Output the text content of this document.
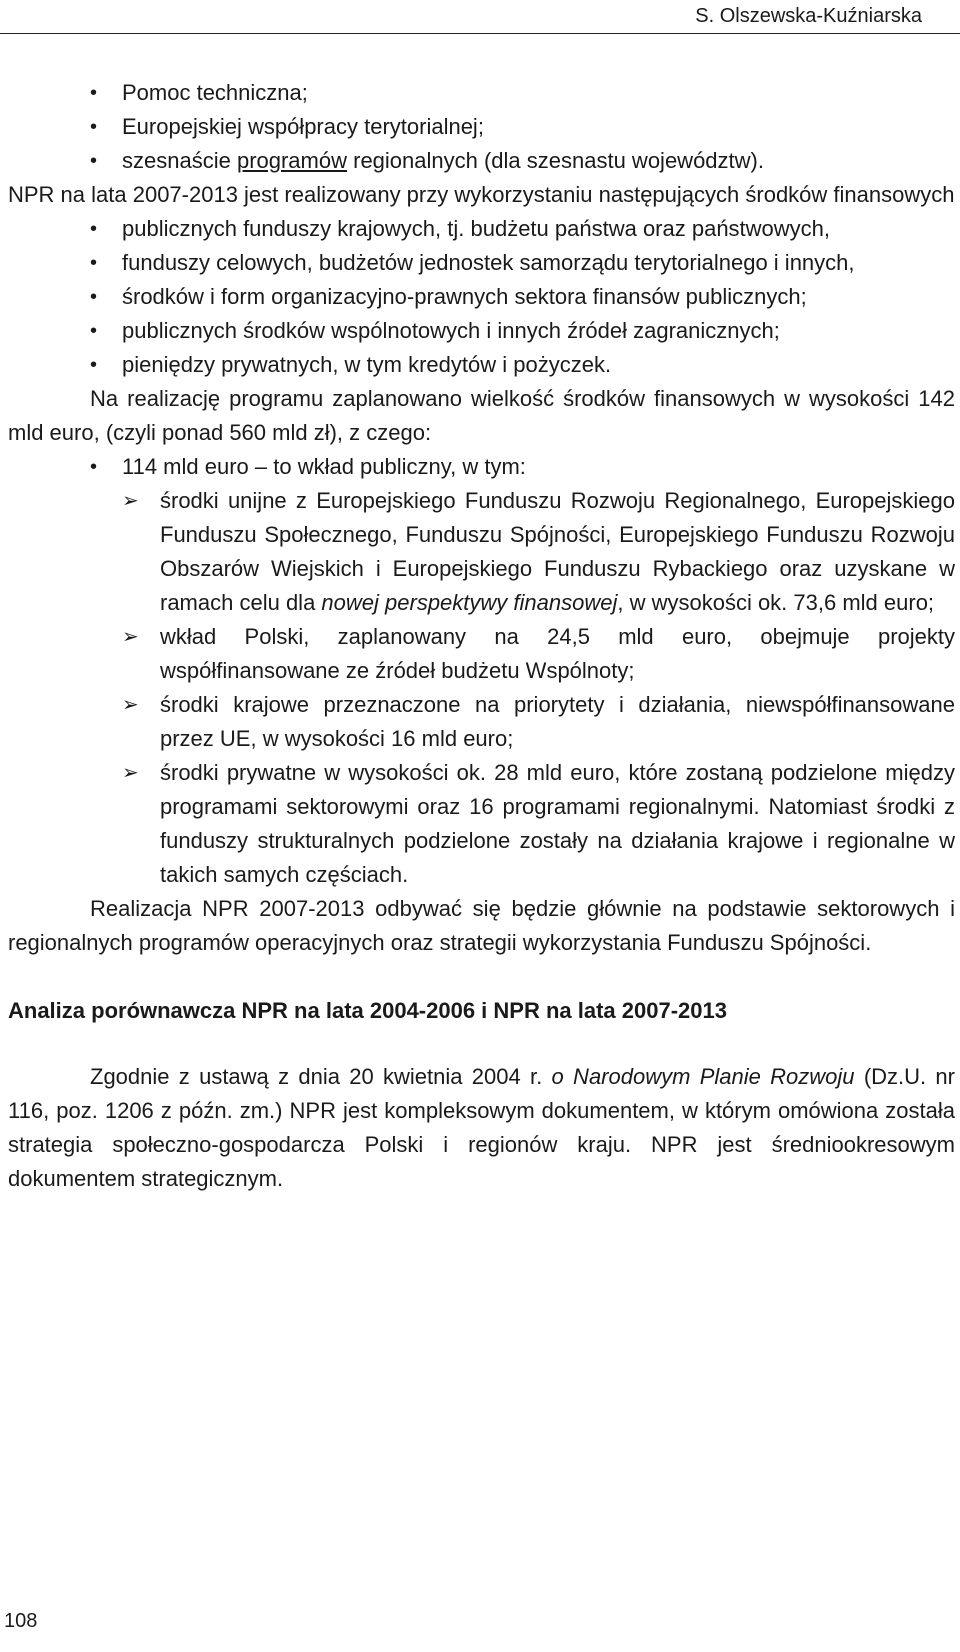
S. Olszewska-Kuźniarska
• Pomoc techniczna;
• Europejskiej współpracy terytorialnej;
• szesnaście programów regionalnych (dla szesnastu województw).

NPR na lata 2007-2013 jest realizowany przy wykorzystaniu następujących środków finansowych

• publicznych funduszy krajowych, tj. budżetu państwa oraz państwowych,
• funduszy celowych, budżetów jednostek samorządu terytorialnego i innych,
• środków i form organizacyjno-prawnych sektora finansów publicznych;
• publicznych środków wspólnotowych i innych źródeł zagranicznych;
• pieniędzy prywatnych, w tym kredytów i pożyczek.

Na realizację programu zaplanowano wielkość środków finansowych w wysokości 142 mld euro, (czyli ponad 560 mld zł), z czego:

• 114 mld euro – to wkład publiczny, w tym:
➢ środki unijne z Europejskiego Funduszu Rozwoju Regionalnego, Europejskiego Funduszu Społecznego, Funduszu Spójności, Europejskiego Funduszu Rozwoju Obszarów Wiejskich i Europejskiego Funduszu Rybackiego oraz uzyskane w ramach celu dla nowej perspektywy finansowej, w wysokości ok. 73,6 mld euro;
➢ wkład Polski, zaplanowany na 24,5 mld euro, obejmuje projekty współfinansowane ze źródeł budżetu Wspólnoty;
➢ środki krajowe przeznaczone na priorytety i działania, niewspółfinansowane przez UE, w wysokości 16 mld euro;
➢ środki prywatne w wysokości ok. 28 mld euro, które zostaną podzielone między programami sektorowymi oraz 16 programami regionalnymi. Natomiast środki z funduszy strukturalnych podzielone zostały na działania krajowe i regionalne w takich samych częściach.

Realizacja NPR 2007-2013 odbywać się będzie głównie na podstawie sektorowych i regionalnych programów operacyjnych oraz strategii wykorzystania Funduszu Spójności.

Analiza porównawcza NPR na lata 2004-2006 i NPR na lata 2007-2013

Zgodnie z ustawą z dnia 20 kwietnia 2004 r. o Narodowym Planie Rozwoju (Dz.U. nr 116, poz. 1206 z późn. zm.) NPR jest kompleksowym dokumentem, w którym omówiona została strategia społeczno-gospodarcza Polski i regionów kraju. NPR jest średniookresowym dokumentem strategicznym.

108
